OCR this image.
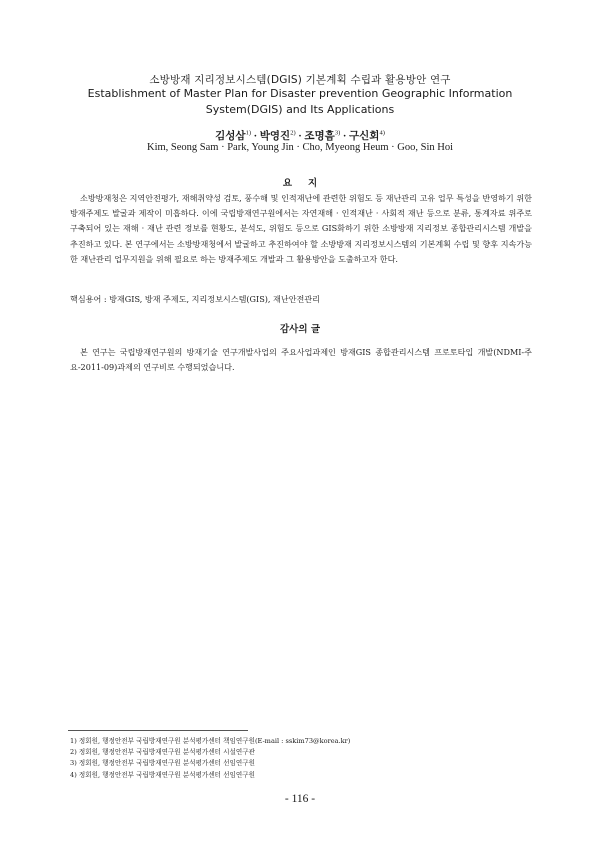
소방방재 지리정보시스템(DGIS) 기본계획 수립과 활용방안 연구
Establishment of Master Plan for Disaster prevention Geographic Information System(DGIS) and Its Applications
김성삼$^{1)}$ · 박영진$^{2)}$ · 조명흠$^{3)}$ · 구신회$^{4)}$
Kim, Seong Sam · Park, Young Jin · Cho, Myeong Heum · Goo, Sin Hoi
요지

소방방재청은 지역안전평가, 재해취약성 검토, 풍수해 및 인적재난에 관련한 위험도 등 재난관리 고유 업무 특성을 반영하기 위한 방재주제도 발굴과 제작이 미흡하다. 이에 국립방재연구원에서는 자연재해 · 인적재난 · 사회적 재난 등으로 분류, 통계자료 위주로 구축되어 있는 재해 · 재난 관련 정보를 현황도, 분석도, 위험도 등으로 GIS화하기 위한 소방방재 지리정보 종합관리시스템 개발을 추진하고 있다. 본 연구에서는 소방방재청에서 발굴하고 추진하여야 할 소방방재 지리정보시스템의 기본계획 수립 및 향후 지속가능한 재난관리 업무지원을 위해 필요로 하는 방재주제도 개발과 그 활용방안을 도출하고자 한다.

핵심용어 : 방재GIS, 방재 주제도, 지리정보시스템(GIS), 재난안전관리
감사의 글

본 연구는 국립방재연구원의 방재기술 연구개발사업의 주요사업과제인 방재GIS 종합관리시스템 프로토타입 개발(NDMI-주요-2011-09)과제의 연구비로 수행되었습니다.

1) 정회원, 행정안전부 국립방재연구원 분석평가센터 책임연구원(E-mail : sskim73@korea.kr)
2) 정회원, 행정안전부 국립방재연구원 분석평가센터 시설연구관
3) 정회원, 행정안전부 국립방재연구원 분석평가센터 선임연구원
4) 정회원, 행정안전부 국립방재연구원 분석평가센터 선임연구원
- 116 -
